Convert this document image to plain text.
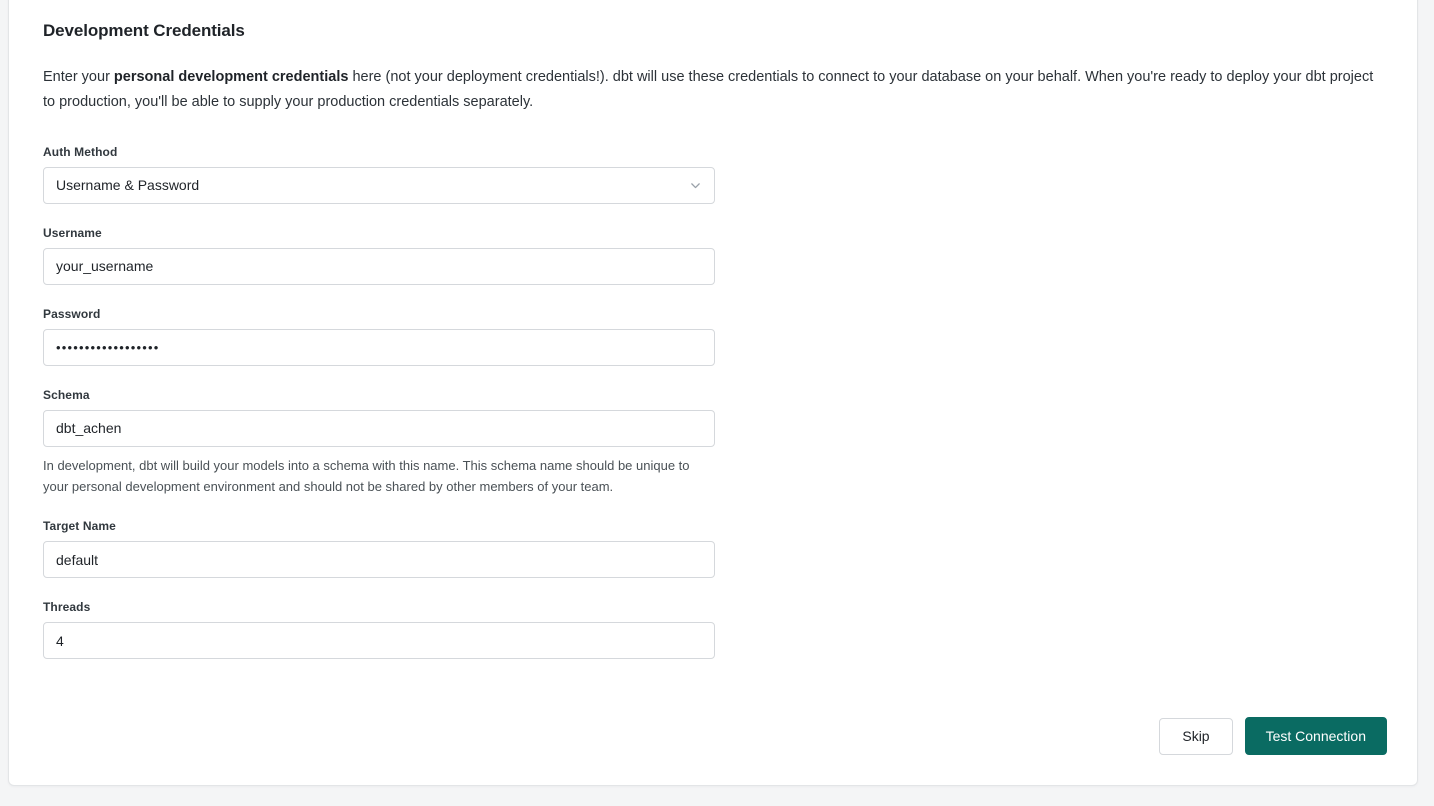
Development Credentials

Enter your personal development credentials here (not your deployment credentials!). dbt will use these credentials to connect to your database on your behalf. When you're ready to deploy your dbt project to production, you'll be able to supply your production credentials separately.

Auth Method
Username & Password
Username
your_username
Password
••••••••••••••••••
Schema
dbt_achen
In development, dbt will build your models into a schema with this name. This schema name should be unique to your personal development environment and should not be shared by other members of your team.
Target Name
default
Threads
4
Skip	Test Connection
